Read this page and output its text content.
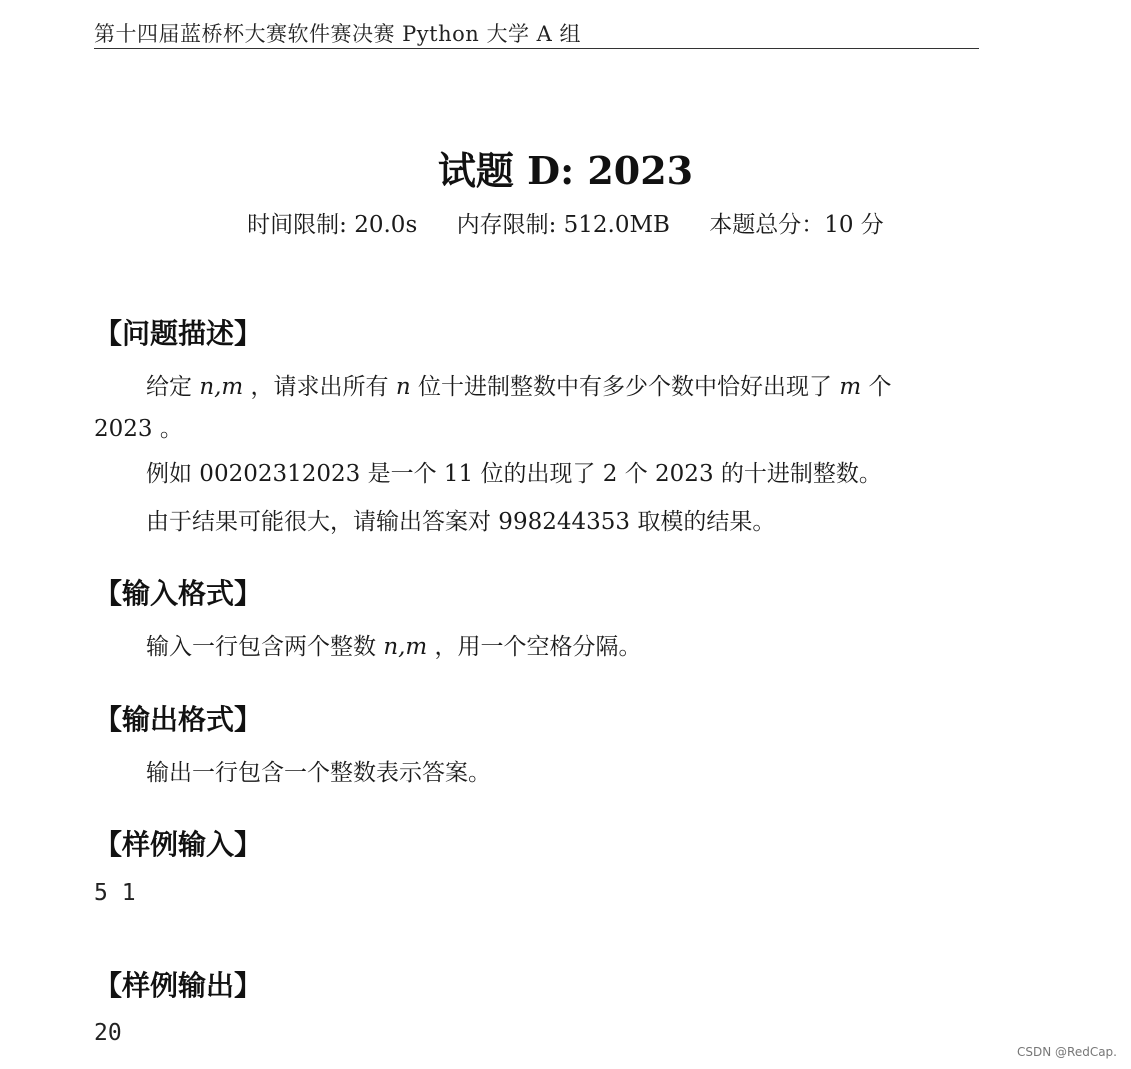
第十四届蓝桥杯大赛软件赛决赛 Python 大学 A 组
试题 D: 2023
时间限制: 20.0s 内存限制: 512.0MB 本题总分：10 分
【问题描述】
给定 n,m ，请求出所有 n 位十进制整数中有多少个数中恰好出现了 m 个
2023 。
例如 00202312023 是一个 11 位的出现了 2 个 2023 的十进制整数。
由于结果可能很大，请输出答案对 998244353 取模的结果。
【输入格式】
输入一行包含两个整数 n,m ，用一个空格分隔。
【输出格式】
输出一行包含一个整数表示答案。
【样例输入】
5 1
【样例输出】
20
CSDN @RedCap.
